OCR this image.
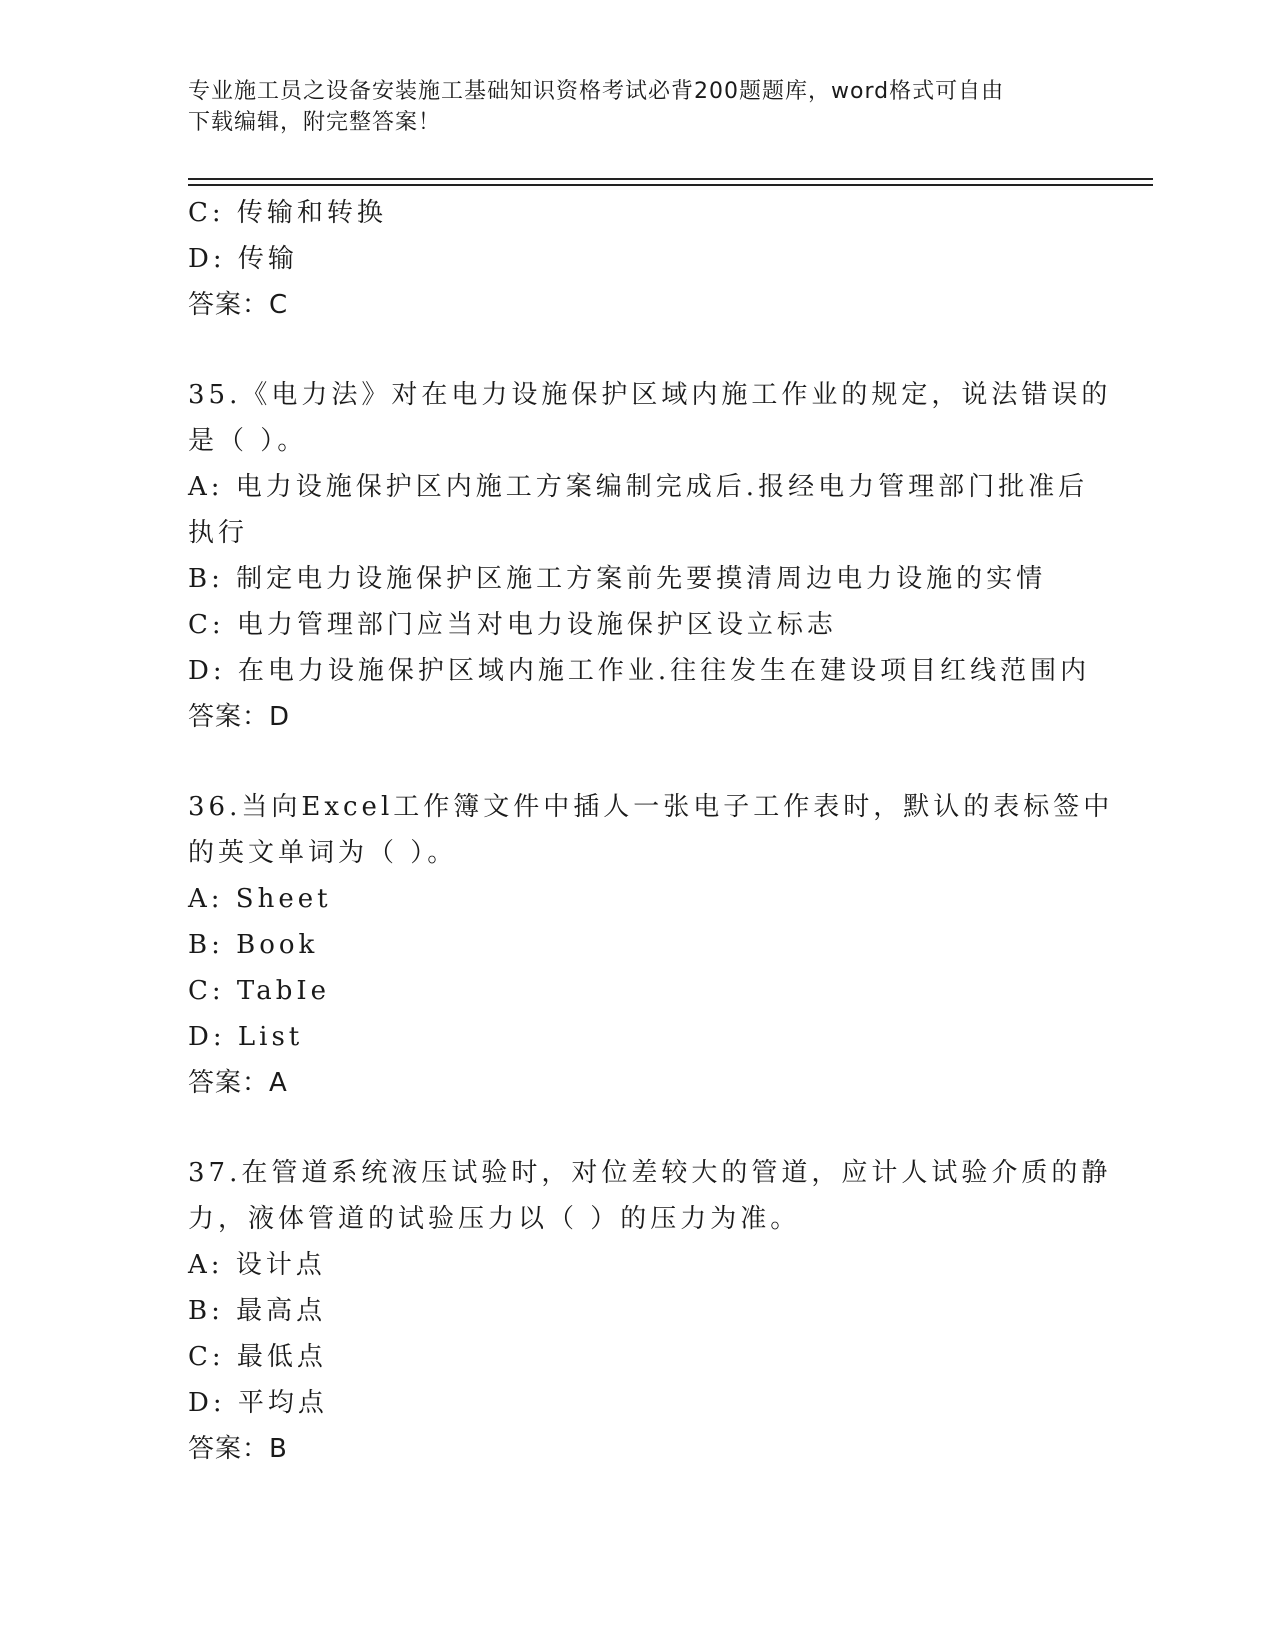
专业施工员之设备安装施工基础知识资格考试必背200题题库，word格式可自由
下载编辑，附完整答案！
C: 传输和转换
D: 传输
答案：C
35.《电力法》对在电力设施保护区域内施工作业的规定，说法错误的
是（ ）。
A: 电力设施保护区内施工方案编制完成后.报经电力管理部门批准后
执行
B: 制定电力设施保护区施工方案前先要摸清周边电力设施的实情
C: 电力管理部门应当对电力设施保护区设立标志
D: 在电力设施保护区域内施工作业.往往发生在建设项目红线范围内
答案：D
36.当向Excel工作簿文件中插人一张电子工作表时，默认的表标签中
的英文单词为（ ）。
A: Sheet
B: Book
C: TabIe
D: List
答案：A
37.在管道系统液压试验时，对位差较大的管道，应计人试验介质的静
力，液体管道的试验压力以（ ）的压力为准。
A: 设计点
B: 最高点
C: 最低点
D: 平均点
答案：B
